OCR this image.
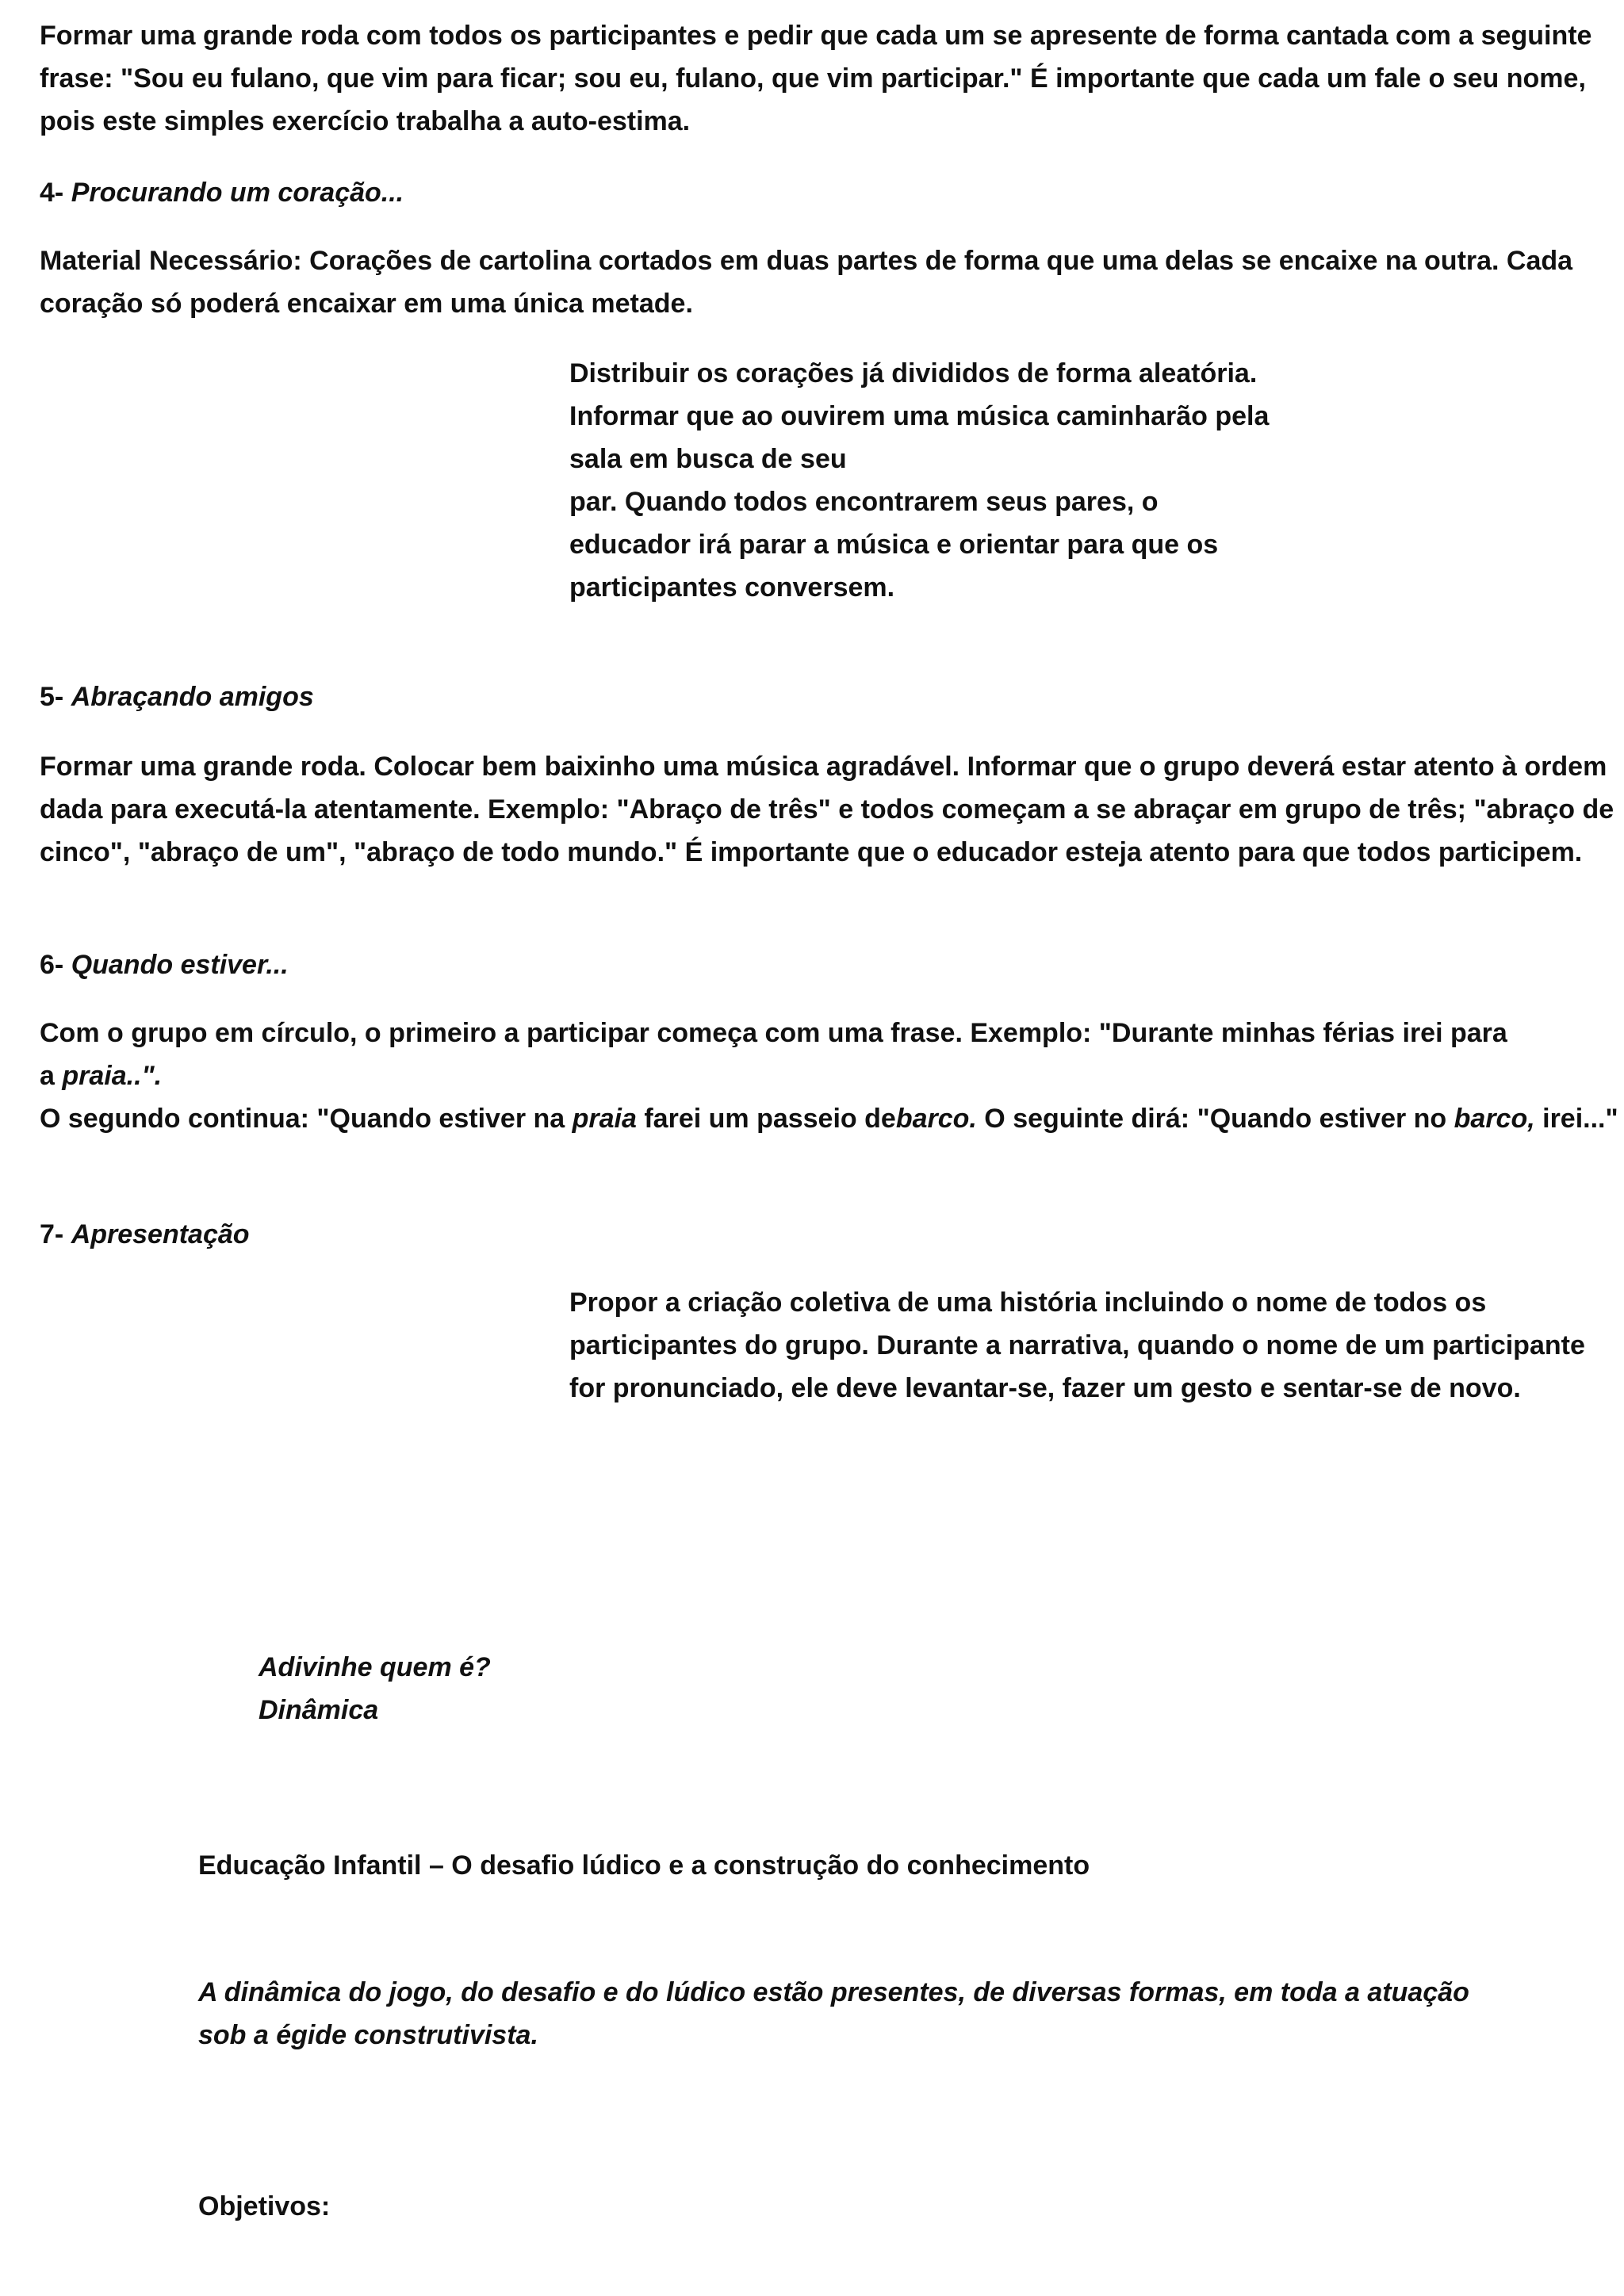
Formar uma grande roda com todos os participantes e pedir que cada um se apresente de forma cantada com a seguinte
frase: "Sou eu fulano, que vim para ficar; sou eu, fulano, que vim participar." É importante que cada um fale o seu nome,
pois este simples exercício trabalha a auto-estima.
4- Procurando um coração...
Material Necessário: Corações de cartolina cortados em duas partes de forma que uma delas se encaixe na outra. Cada
coração só poderá encaixar em uma única metade.
Distribuir os corações já divididos de forma aleatória.
Informar que ao ouvirem uma música caminharão pela
sala em busca de seu
par. Quando todos encontrarem seus pares, o
educador irá parar a música e orientar para que os
participantes conversem.
5- Abraçando amigos
Formar uma grande roda. Colocar bem baixinho uma música agradável. Informar que o grupo deverá estar atento à ordem
dada para executá-la atentamente. Exemplo: "Abraço de três" e todos começam a se abraçar em grupo de três; "abraço de
cinco", "abraço de um", "abraço de todo mundo." É importante que o educador esteja atento para que todos participem.
6- Quando estiver...
Com o grupo em círculo, o primeiro a participar começa com uma frase. Exemplo: "Durante minhas férias irei para
a praia..".
O segundo continua: "Quando estiver na praia farei um passeio debarco. O seguinte dirá: "Quando estiver no barco, irei..."
7- Apresentação
Propor a criação coletiva de uma história incluindo o nome de todos os
participantes do grupo. Durante a narrativa, quando o nome de um participante
for pronunciado, ele deve levantar-se, fazer um gesto e sentar-se de novo.
Adivinhe quem é?
Dinâmica
Educação Infantil – O desafio lúdico e a construção do conhecimento
A dinâmica do jogo, do desafio e do lúdico estão presentes, de diversas formas, em toda a atuação
sob a égide construtivista.
Objetivos:
